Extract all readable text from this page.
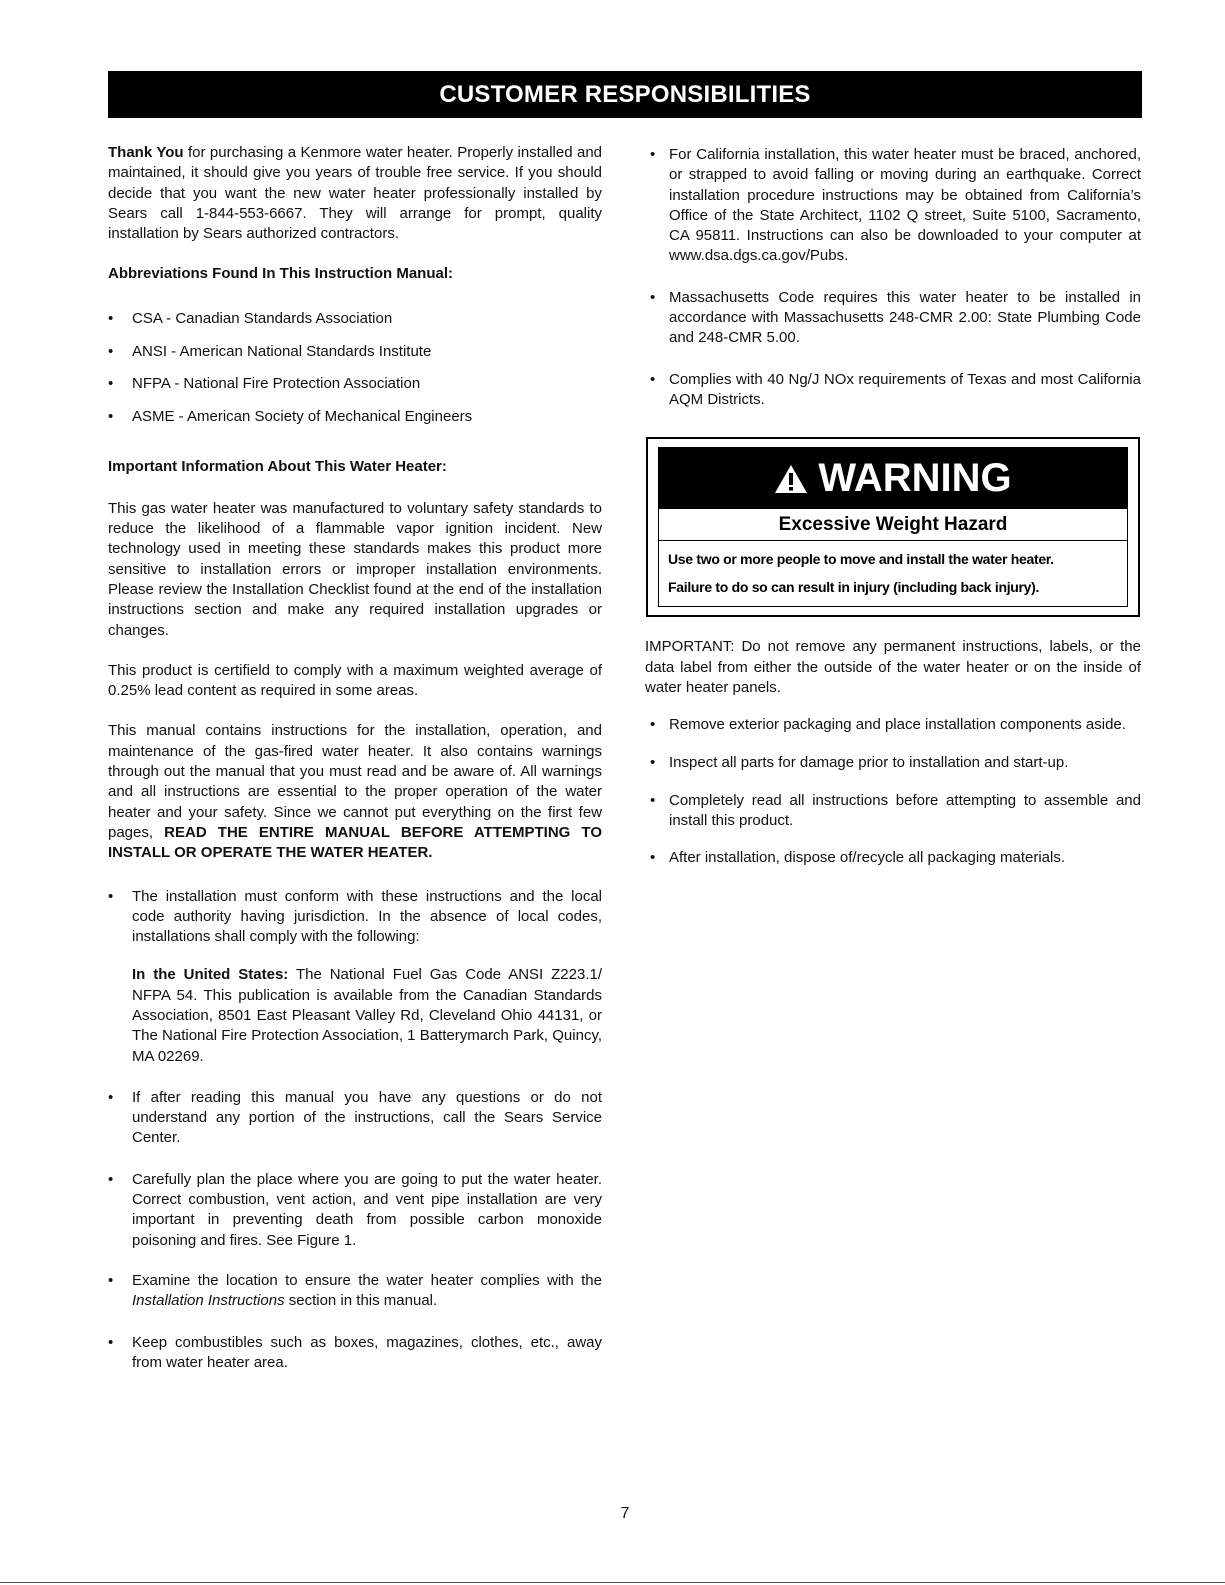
CUSTOMER RESPONSIBILITIES

Thank You for purchasing a Kenmore water heater. Properly installed and maintained, it should give you years of trouble free service. If you should decide that you want the new water heater professionally installed by Sears call 1-844-553-6667. They will arrange for prompt, quality installation by Sears authorized contractors.

Abbreviations Found In This Instruction Manual:

• CSA - Canadian Standards Association

• ANSI - American National Standards Institute

• NFPA - National Fire Protection Association

• ASME - American Society of Mechanical Engineers

Important Information About This Water Heater:

This gas water heater was manufactured to voluntary safety standards to reduce the likelihood of a flammable vapor ignition incident. New technology used in meeting these standards makes this product more sensitive to installation errors or improper installation environments. Please review the Installation Checklist found at the end of the installation instructions section and make any required installation upgrades or changes.

This product is certifield to comply with a maximum weighted average of 0.25% lead content as required in some areas.

This manual contains instructions for the installation, operation, and maintenance of the gas-fired water heater. It also contains warnings through out the manual that you must read and be aware of. All warnings and all instructions are essential to the proper operation of the water heater and your safety. Since we cannot put everything on the first few pages, READ THE ENTIRE MANUAL BEFORE ATTEMPTING TO INSTALL OR OPERATE THE WATER HEATER.

• The installation must conform with these instructions and the local code authority having jurisdiction. In the absence of local codes, installations shall comply with the following:

In the United States: The National Fuel Gas Code ANSI Z223.1/ NFPA 54. This publication is available from the Canadian Standards Association, 8501 East Pleasant Valley Rd, Cleveland Ohio 44131, or The National Fire Protection Association, 1 Batterymarch Park, Quincy, MA 02269.

• If after reading this manual you have any questions or do not understand any portion of the instructions, call the Sears Service Center.

• Carefully plan the place where you are going to put the water heater. Correct combustion, vent action, and vent pipe installation are very important in preventing death from possible carbon monoxide poisoning and fires. See Figure 1.

• Examine the location to ensure the water heater complies with the Installation Instructions section in this manual.

• Keep combustibles such as boxes, magazines, clothes, etc., away from water heater area.

• For California installation, this water heater must be braced, anchored, or strapped to avoid falling or moving during an earthquake. Correct installation procedure instructions may be obtained from California’s Office of the State Architect, 1102 Q street, Suite 5100, Sacramento, CA 95811. Instructions can also be downloaded to your computer at www.dsa.dgs.ca.gov/Pubs.

• Massachusetts Code requires this water heater to be installed in accordance with Massachusetts 248-CMR 2.00: State Plumbing Code and 248-CMR 5.00.

• Complies with 40 Ng/J NOx requirements of Texas and most California AQM Districts.

WARNING
Excessive Weight Hazard
Use two or more people to move and install the water heater.
Failure to do so can result in injury (including back injury).

IMPORTANT: Do not remove any permanent instructions, labels, or the data label from either the outside of the water heater or on the inside of water heater panels.

• Remove exterior packaging and place installation components aside.

• Inspect all parts for damage prior to installation and start-up.

• Completely read all instructions before attempting to assemble and install this product.

• After installation, dispose of/recycle all packaging materials.

7
